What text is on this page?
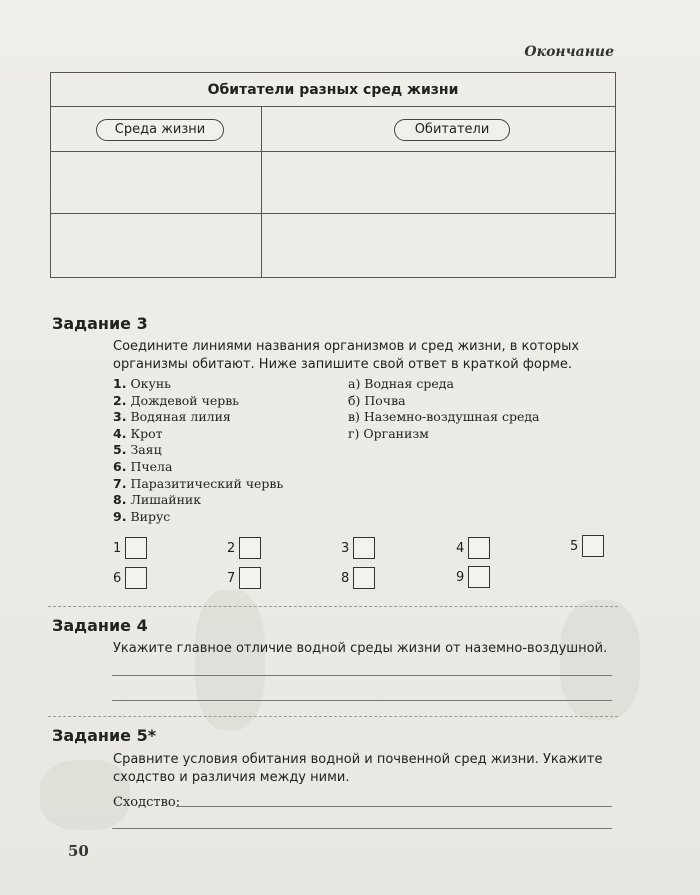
Окончание
Обитатели разных сред жизни
Среда жизни	Обитатели
Задание 3
Соедините линиями названия организмов и сред жизни, в которых организмы обитают. Ниже запишите свой ответ в краткой форме.
1. Окунь
2. Дождевой червь
3. Водяная лилия
4. Крот
5. Заяц
6. Пчела
7. Паразитический червь
8. Лишайник
9. Вирус
а) Водная среда
б) Почва
в) Наземно-воздушная среда
г) Организм
1	2	3	4	5
6	7	8	9
Задание 4
Укажите главное отличие водной среды жизни от наземно-воздушной.
Задание 5*
Сравните условия обитания водной и почвенной сред жизни. Укажите сходство и различия между ними.
Сходство:
50
